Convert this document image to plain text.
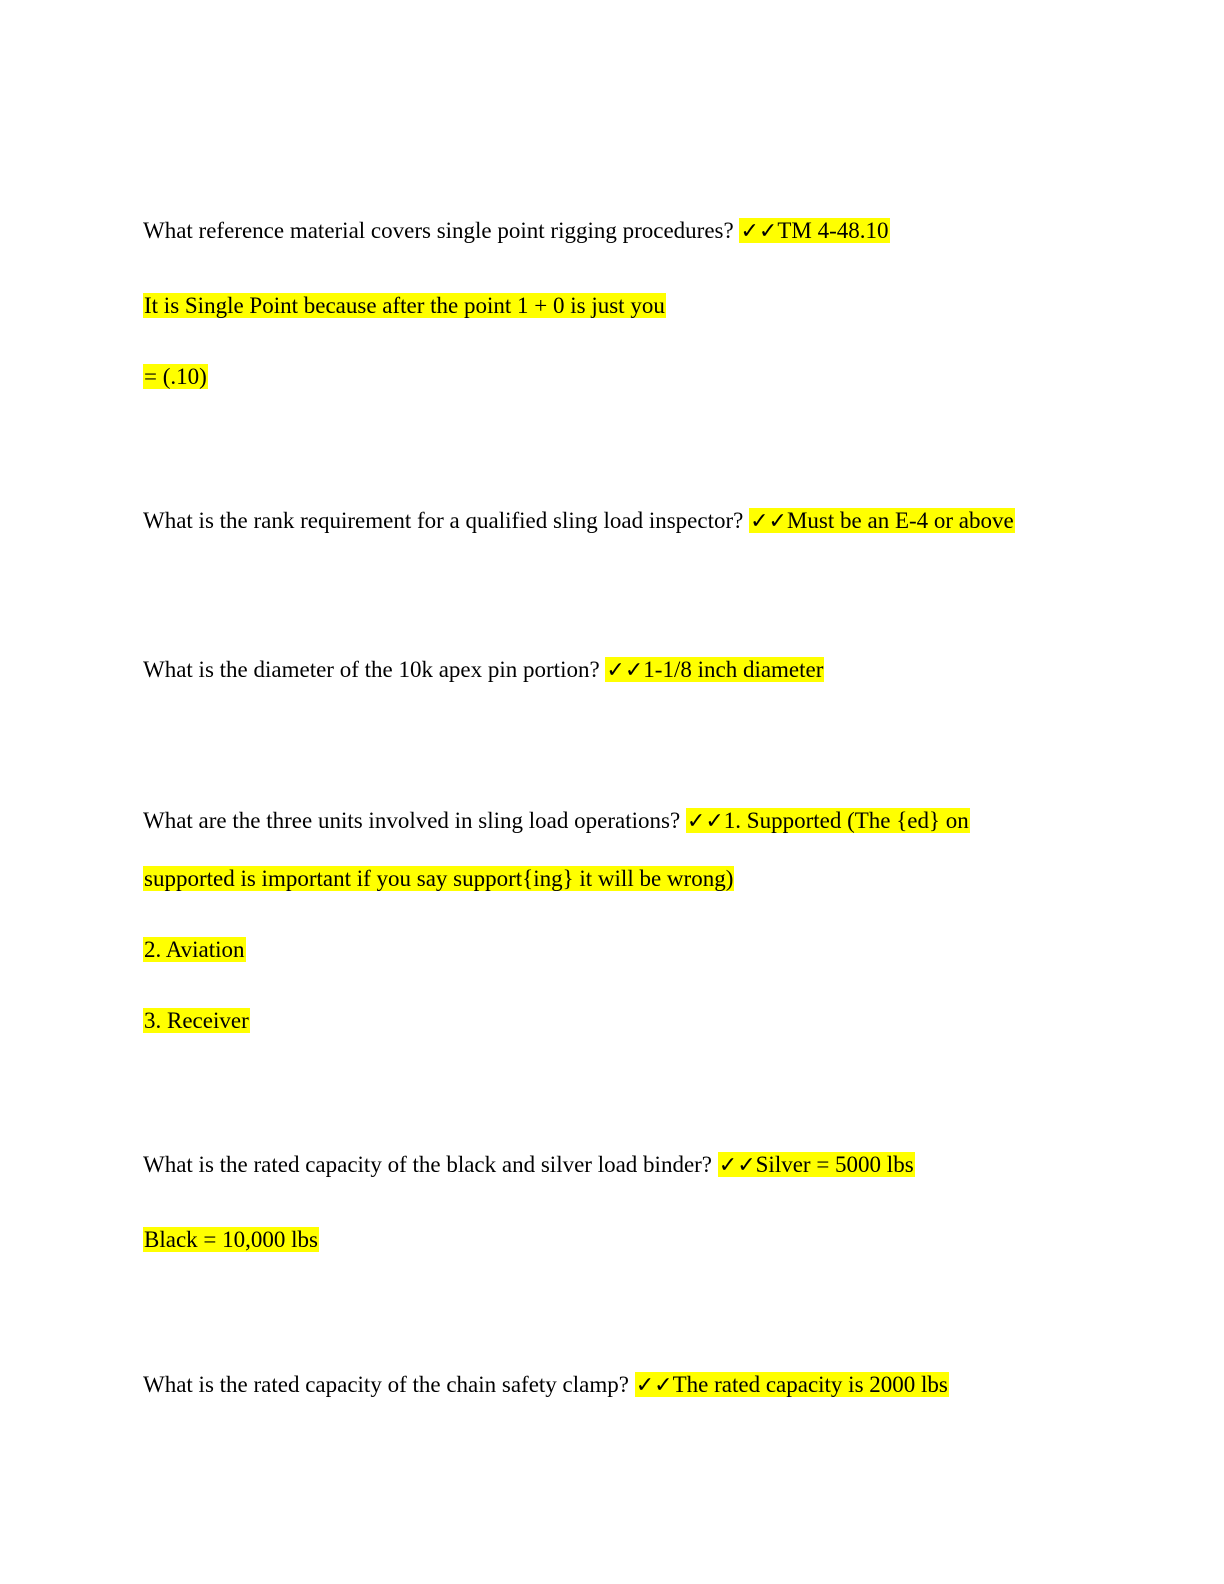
What reference material covers single point rigging procedures? ✓✓TM 4-48.10
It is Single Point because after the point 1 + 0 is just you
= (.10)
What is the rank requirement for a qualified sling load inspector? ✓✓Must be an E-4 or above
What is the diameter of the 10k apex pin portion? ✓✓1-1/8 inch diameter
What are the three units involved in sling load operations? ✓✓1. Supported (The {ed} on
supported is important if you say support{ing} it will be wrong)
2. Aviation
3. Receiver
What is the rated capacity of the black and silver load binder? ✓✓Silver = 5000 lbs
Black = 10,000 lbs
What is the rated capacity of the chain safety clamp? ✓✓The rated capacity is 2000 lbs
